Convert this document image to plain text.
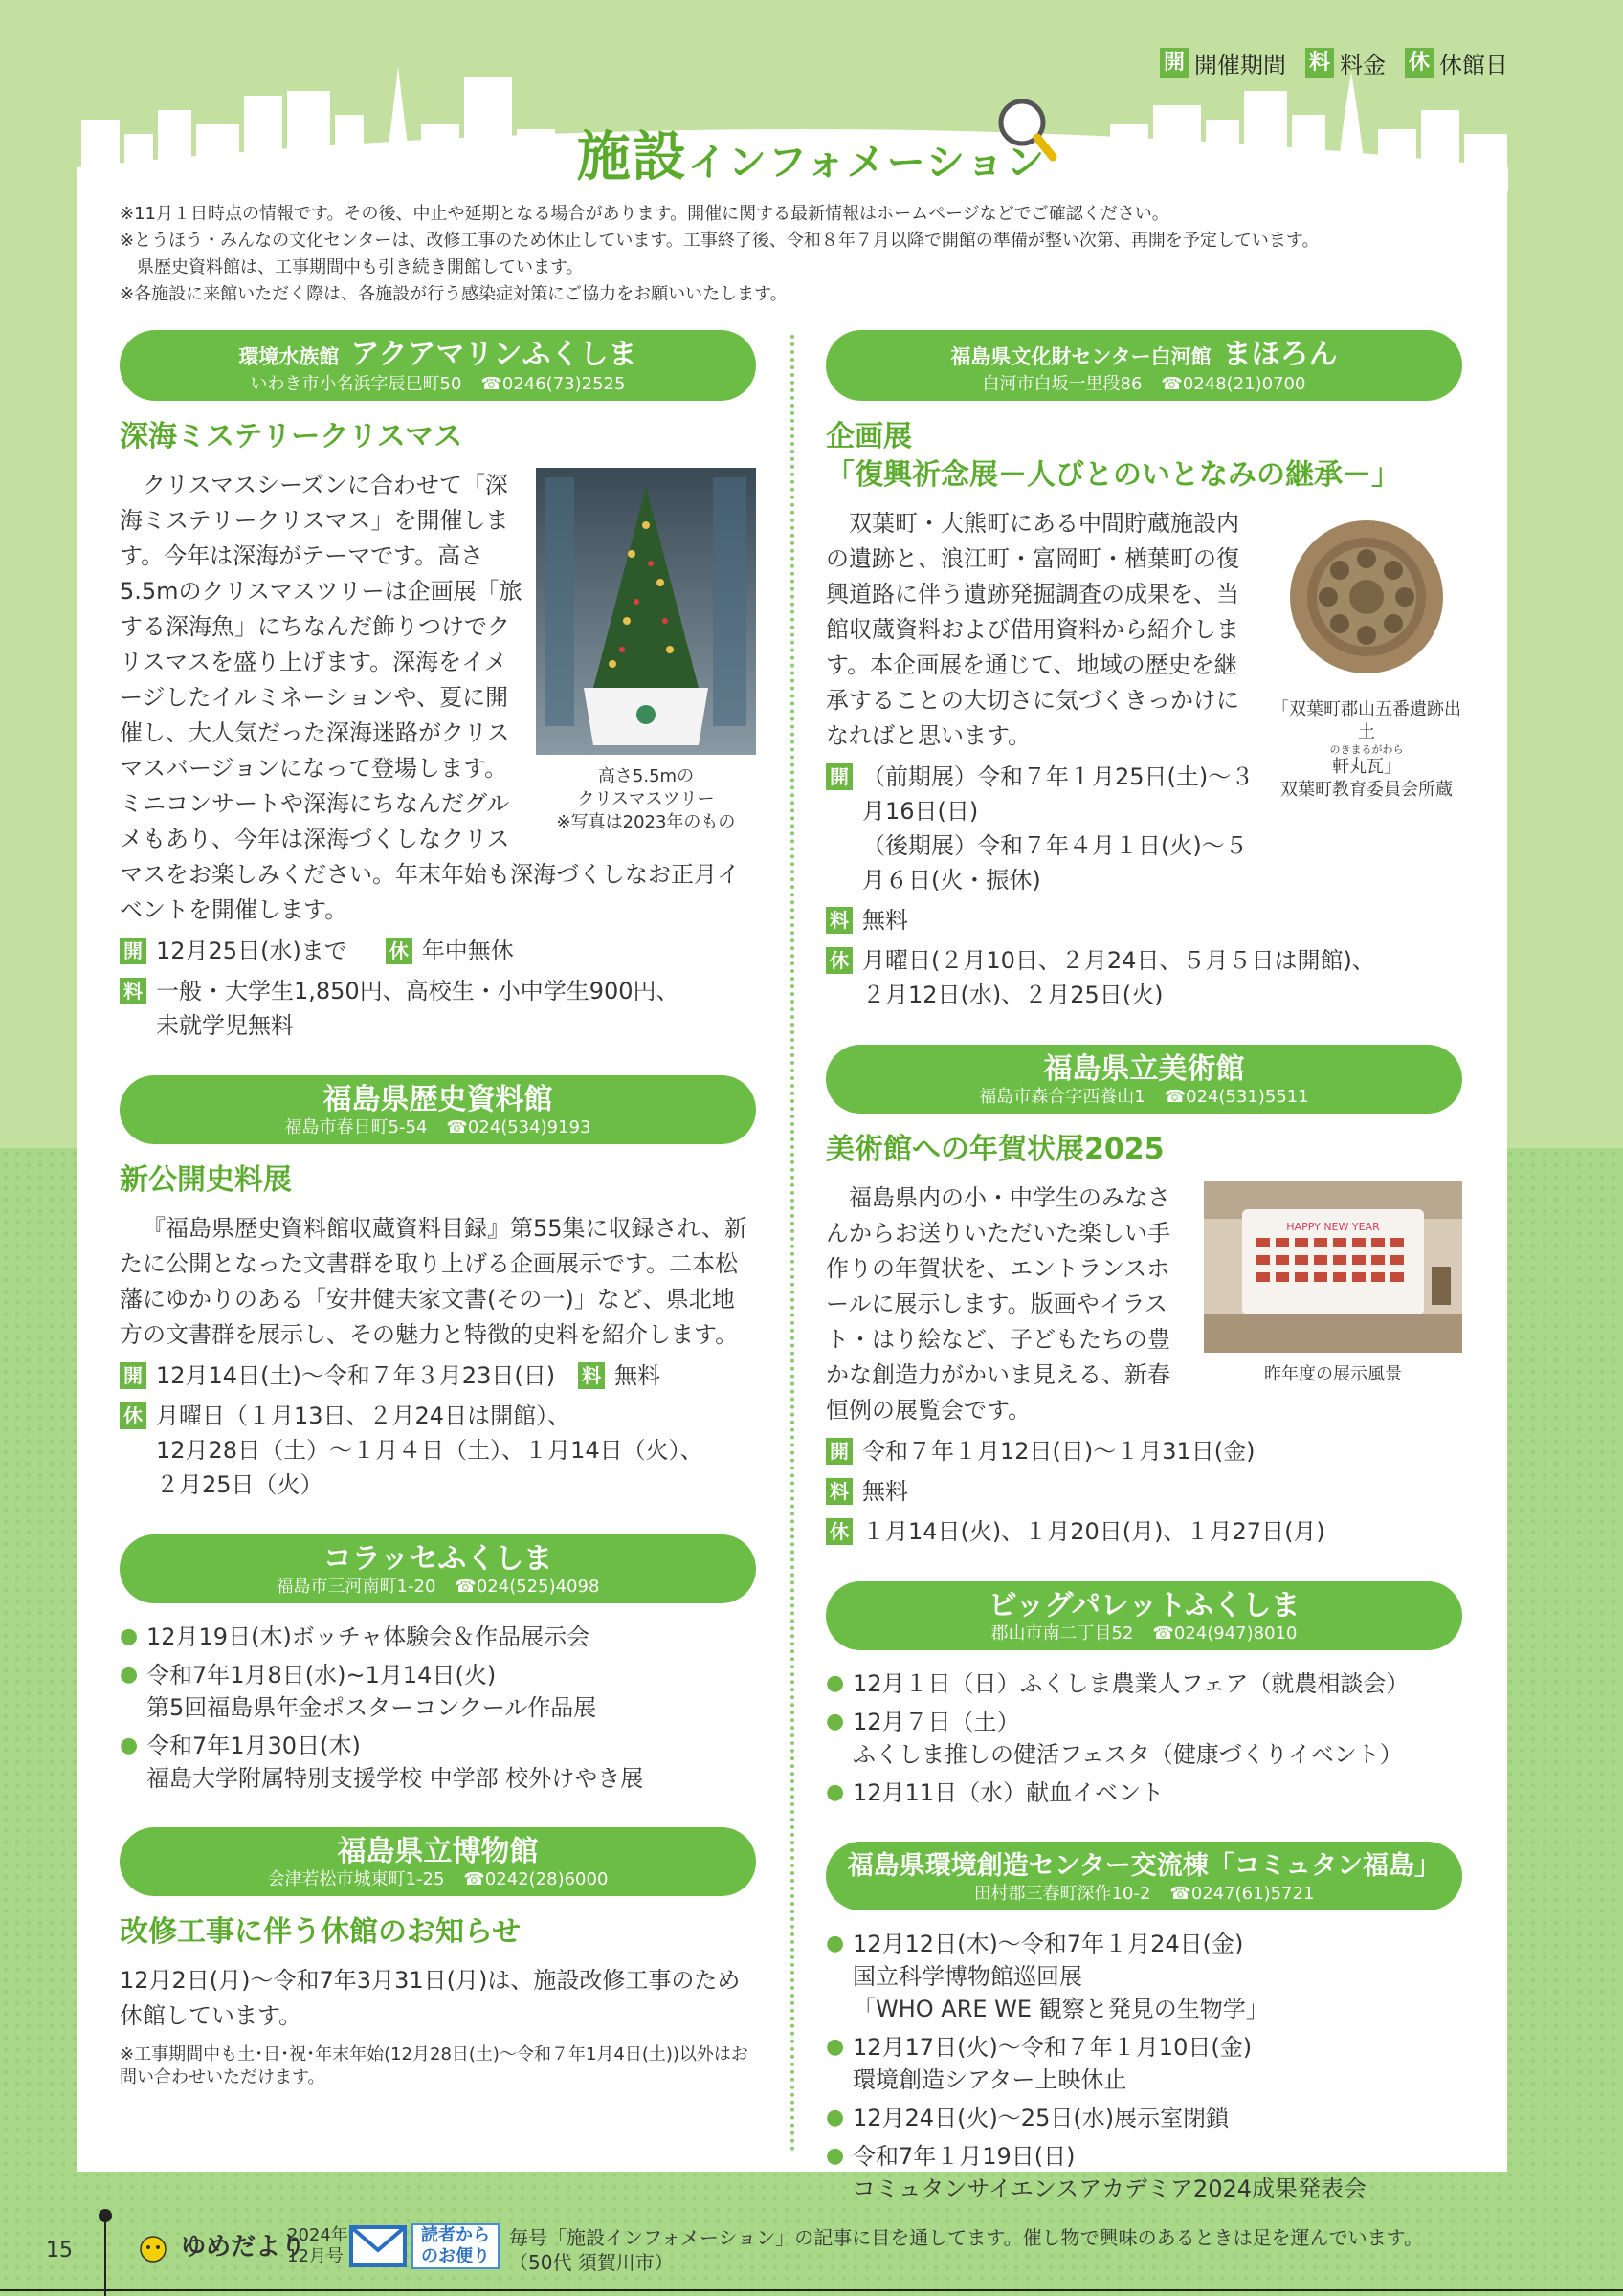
開 開催期間 料 料金 休 休館日
施設インフォメーション
※11月１日時点の情報です。その後、中止や延期となる場合があります。開催に関する最新情報はホームページなどでご確認ください。
※とうほう・みんなの文化センターは、改修工事のため休止しています。工事終了後、令和８年７月以降で開館の準備が整い次第、再開を予定しています。
　県歴史資料館は、工事期間中も引き続き開館しています。
※各施設に来館いただく際は、各施設が行う感染症対策にご協力をお願いいたします。
環境水族館 アクアマリンふくしま
いわき市小名浜字辰巳町50 ☎0246(73)2525
深海ミステリークリスマス
高さ5.5mの
クリスマスツリー
※写真は2023年のもの
クリスマスシーズンに合わせて「深海ミステリークリスマス」を開催します。今年は深海がテーマです。高さ5.5mのクリスマスツリーは企画展「旅する深海魚」にちなんだ飾りつけでクリスマスを盛り上げます。深海をイメージしたイルミネーションや、夏に開催し、大人気だった深海迷路がクリスマスバージョンになって登場します。ミニコンサートや深海にちなんだグルメもあり、今年は深海づくしなクリスマスをお楽しみください。年末年始も深海づくしなお正月イベントを開催します。
開 12月25日(水)まで 休 年中無休
料 一般・大学生1,850円、高校生・小中学生900円、
未就学児無料
福島県歴史資料館
福島市春日町5-54 ☎024(534)9193
新公開史料展
『福島県歴史資料館収蔵資料目録』第55集に収録され、新たに公開となった文書群を取り上げる企画展示です。二本松藩にゆかりのある「安井健夫家文書(その一)」など、県北地方の文書群を展示し、その魅力と特徴的史料を紹介します。
開 12月14日(土)～令和７年３月23日(日) 料 無料
休 月曜日（１月13日、２月24日は開館）、
12月28日（土）～１月４日（土）、１月14日（火）、
２月25日（火）
コラッセふくしま
福島市三河南町1-20 ☎024(525)4098
● 12月19日(木)ボッチャ体験会＆作品展示会
● 令和7年1月8日(水)~1月14日(火)
第5回福島県年金ポスターコンクール作品展
● 令和7年1月30日(木)
福島大学附属特別支援学校 中学部 校外けやき展
福島県立博物館
会津若松市城東町1-25 ☎0242(28)6000
改修工事に伴う休館のお知らせ
12月2日(月)～令和7年3月31日(月)は、施設改修工事のため休館しています。
※工事期間中も土･日･祝･年末年始(12月28日(土)～令和７年1月4日(土))以外はお問い合わせいただけます。
福島県文化財センター白河館 まほろん
白河市白坂一里段86 ☎0248(21)0700
企画展
「復興祈念展－人びとのいとなみの継承－」
「双葉町郡山五番遺跡出土
のきまるがわら
軒丸瓦」
双葉町教育委員会所蔵
双葉町・大熊町にある中間貯蔵施設内の遺跡と、浪江町・富岡町・楢葉町の復興道路に伴う遺跡発掘調査の成果を、当館収蔵資料および借用資料から紹介します。本企画展を通じて、地域の歴史を継承することの大切さに気づくきっかけになればと思います。
開 （前期展）令和７年１月25日(土)～３月16日(日)
（後期展）令和７年４月１日(火)～５月６日(火・振休)
料 無料
休 月曜日(２月10日、２月24日、５月５日は開館)、
２月12日(水)、２月25日(火)
福島県立美術館
福島市森合字西養山1 ☎024(531)5511
美術館への年賀状展2025
HAPPY NEW YEAR
昨年度の展示風景
福島県内の小・中学生のみなさんからお送りいただいた楽しい手作りの年賀状を、エントランスホールに展示します。版画やイラスト・はり絵など、子どもたちの豊かな創造力がかいま見える、新春恒例の展覧会です。
開 令和７年１月12日(日)～１月31日(金)
料 無料
休 １月14日(火)、１月20日(月)、１月27日(月)
ビッグパレットふくしま
郡山市南二丁目52 ☎024(947)8010
● 12月１日（日）ふくしま農業人フェア（就農相談会）
● 12月７日（土）
ふくしま推しの健活フェスタ（健康づくりイベント）
● 12月11日（水）献血イベント
福島県環境創造センター交流棟「コミュタン福島」
田村郡三春町深作10-2 ☎0247(61)5721
● 12月12日(木)～令和7年１月24日(金)
国立科学博物館巡回展
「WHO ARE WE 観察と発見の生物学」
● 12月17日(火)～令和７年１月10日(金)
環境創造シアター上映休止
● 12月24日(火)～25日(水)展示室閉鎖
● 令和7年１月19日(日)
コミュタンサイエンスアカデミア2024成果発表会
15	ゆめだより
2024年
12月号
読者からのお便り
毎号「施設インフォメーション」の記事に目を通してます。催し物で興味のあるときは足を運んでいます。
（50代 須賀川市）
